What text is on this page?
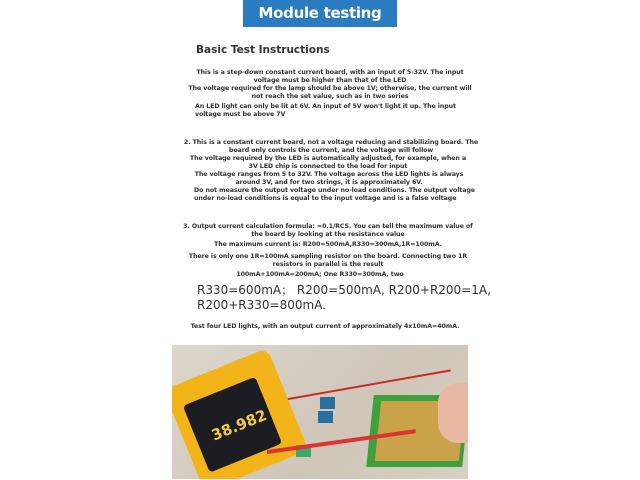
Module testing method
Basic Test Instructions
This is a step-down constant current board, with an input of 5-32V. The input voltage must be higher than that of the LED
The voltage required for the lamp should be above 1V; otherwise, the current will not reach the set value, such as in two series
An LED light can only be lit at 6V. An input of 5V won't light it up. The input voltage must be above 7V
2. This is a constant current board, not a voltage reducing and stabilizing board. The board only controls the current, and the voltage will follow
The voltage required by the LED is automatically adjusted, for example, when a 3V LED chip is connected to the load for input
The voltage ranges from 5 to 32V. The voltage across the LED lights is always around 3V, and for two strings, it is approximately 6V.
Do not measure the output voltage under no-load conditions. The output voltage under no-load conditions is equal to the input voltage and is a false voltage
3. Output current calculation formula: =0.1/RCS. You can tell the maximum value of the board by looking at the resistance value
The maximum current is: R200=500mA,R330=300mA,1R=100mA.
There is only one 1R=100mA sampling resistor on the board. Connecting two 1R resistors in parallel is the result
100mA+100mA=200mA; One R330=300mA, two
R330=600mA； R200=500mA, R200+R200=1A,
R200+R330=800mA.
Test four LED lights, with an output current of approximately 4x10mA=40mA.
38.982
